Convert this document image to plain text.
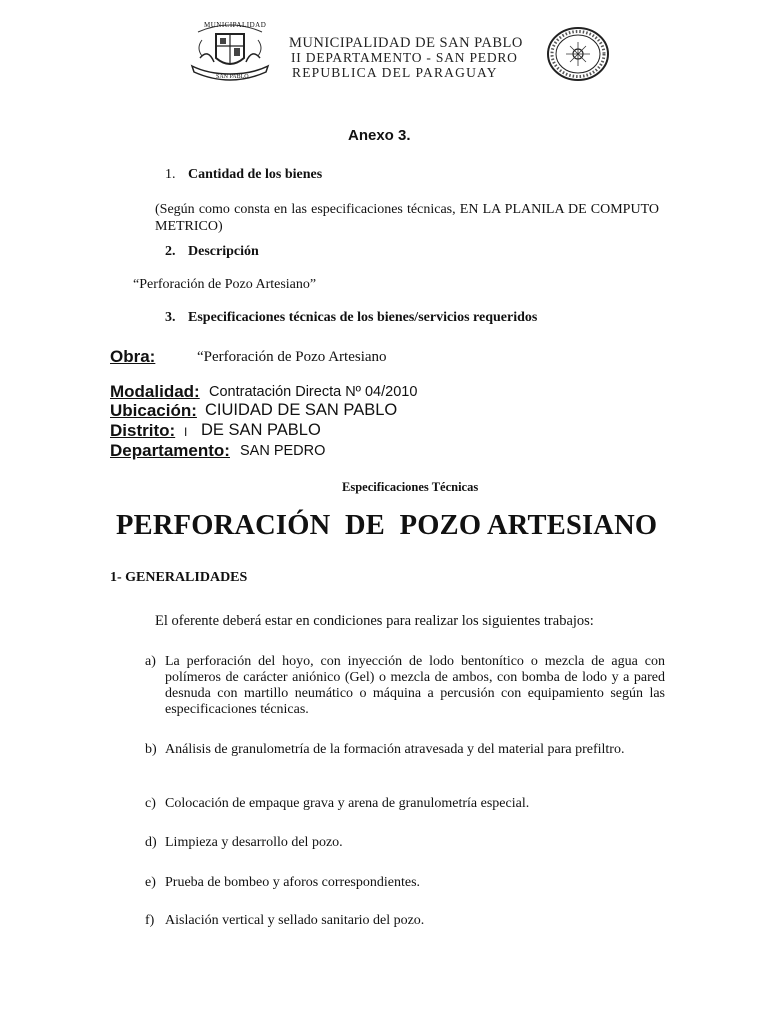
MUNICIPALIDAD
SAN PABLO
MUNICIPALIDAD DE SAN PABLO
II DEPARTAMENTO - SAN PEDRO
REPUBLICA DEL PARAGUAY
Anexo 3.
1. Cantidad de los bienes
(Según como consta en las especificaciones técnicas, EN LA PLANILA DE COMPUTO METRICO)
2. Descripción
“Perforación de Pozo Artesiano”
3. Especificaciones técnicas de los bienes/servicios requeridos
Obra:	“Perforación de Pozo Artesiano
Modalidad: Contratación Directa Nº 04/2010
Ubicación: CIUIDAD DE SAN PABLO
Distrito: I DE SAN PABLO
Departamento: SAN PEDRO
Especificaciones Técnicas
PERFORACIÓN  DE  POZO ARTESIANO
1- GENERALIDADES
El oferente deberá estar en condiciones para realizar los siguientes trabajos:
a) La perforación del hoyo, con inyección de lodo bentonítico o mezcla de agua con polímeros de carácter aniónico (Gel) o mezcla de ambos, con bomba de lodo y a pared desnuda con martillo neumático o máquina a percusión con equipamiento según las especificaciones técnicas.
b) Análisis de granulometría de la formación atravesada y del material para prefiltro.
c) Colocación de empaque grava y arena de granulometría especial.
d) Limpieza y desarrollo del pozo.
e) Prueba de bombeo y aforos correspondientes.
f) Aislación vertical y sellado sanitario del pozo.
